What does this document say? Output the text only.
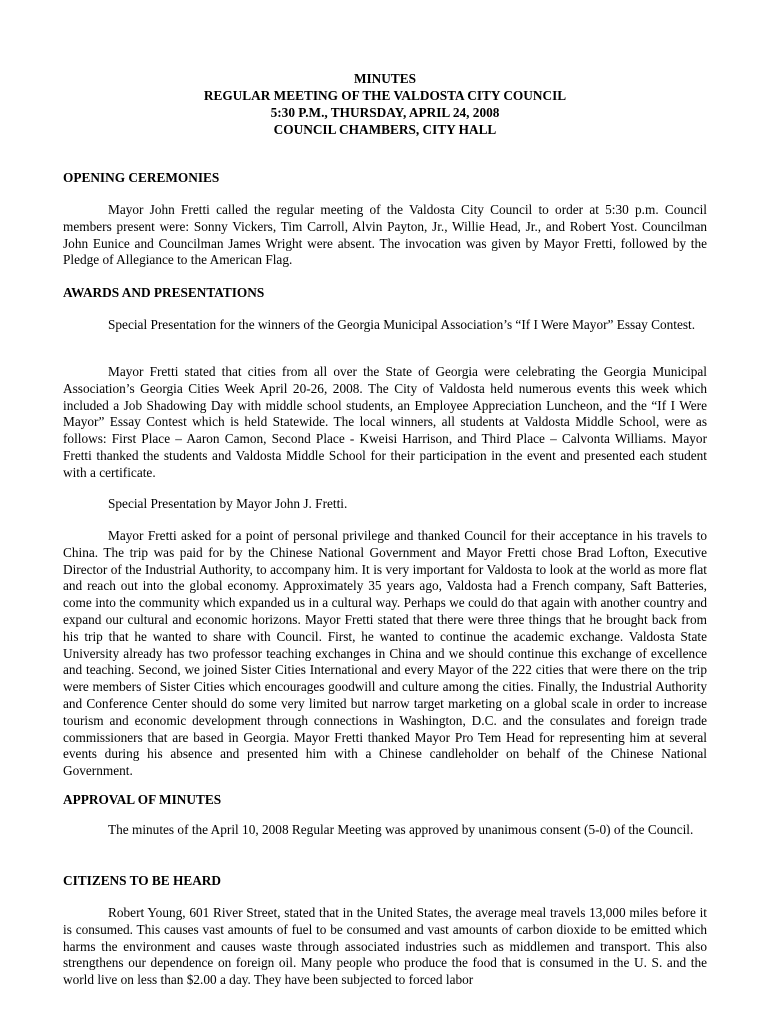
MINUTES
REGULAR MEETING OF THE VALDOSTA CITY COUNCIL
5:30 P.M., THURSDAY, APRIL 24, 2008
COUNCIL CHAMBERS, CITY HALL
OPENING CEREMONIES

Mayor John Fretti called the regular meeting of the Valdosta City Council to order at 5:30 p.m. Council members present were: Sonny Vickers, Tim Carroll, Alvin Payton, Jr., Willie Head, Jr., and Robert Yost. Councilman John Eunice and Councilman James Wright were absent. The invocation was given by Mayor Fretti, followed by the Pledge of Allegiance to the American Flag.

AWARDS AND PRESENTATIONS

Special Presentation for the winners of the Georgia Municipal Association’s “If I Were Mayor” Essay Contest.

Mayor Fretti stated that cities from all over the State of Georgia were celebrating the Georgia Municipal Association’s Georgia Cities Week April 20-26, 2008. The City of Valdosta held numerous events this week which included a Job Shadowing Day with middle school students, an Employee Appreciation Luncheon, and the “If I Were Mayor” Essay Contest which is held Statewide. The local winners, all students at Valdosta Middle School, were as follows: First Place – Aaron Camon, Second Place - Kweisi Harrison, and Third Place – Calvonta Williams. Mayor Fretti thanked the students and Valdosta Middle School for their participation in the event and presented each student with a certificate.

Special Presentation by Mayor John J. Fretti.

Mayor Fretti asked for a point of personal privilege and thanked Council for their acceptance in his travels to China. The trip was paid for by the Chinese National Government and Mayor Fretti chose Brad Lofton, Executive Director of the Industrial Authority, to accompany him. It is very important for Valdosta to look at the world as more flat and reach out into the global economy. Approximately 35 years ago, Valdosta had a French company, Saft Batteries, come into the community which expanded us in a cultural way. Perhaps we could do that again with another country and expand our cultural and economic horizons. Mayor Fretti stated that there were three things that he brought back from his trip that he wanted to share with Council. First, he wanted to continue the academic exchange. Valdosta State University already has two professor teaching exchanges in China and we should continue this exchange of excellence and teaching. Second, we joined Sister Cities International and every Mayor of the 222 cities that were there on the trip were members of Sister Cities which encourages goodwill and culture among the cities. Finally, the Industrial Authority and Conference Center should do some very limited but narrow target marketing on a global scale in order to increase tourism and economic development through connections in Washington, D.C. and the consulates and foreign trade commissioners that are based in Georgia. Mayor Fretti thanked Mayor Pro Tem Head for representing him at several events during his absence and presented him with a Chinese candleholder on behalf of the Chinese National Government.

APPROVAL OF MINUTES

The minutes of the April 10, 2008 Regular Meeting was approved by unanimous consent (5-0) of the Council.

CITIZENS TO BE HEARD

Robert Young, 601 River Street, stated that in the United States, the average meal travels 13,000 miles before it is consumed. This causes vast amounts of fuel to be consumed and vast amounts of carbon dioxide to be emitted which harms the environment and causes waste through associated industries such as middlemen and transport. This also strengthens our dependence on foreign oil. Many people who produce the food that is consumed in the U. S. and the world live on less than $2.00 a day. They have been subjected to forced labor
